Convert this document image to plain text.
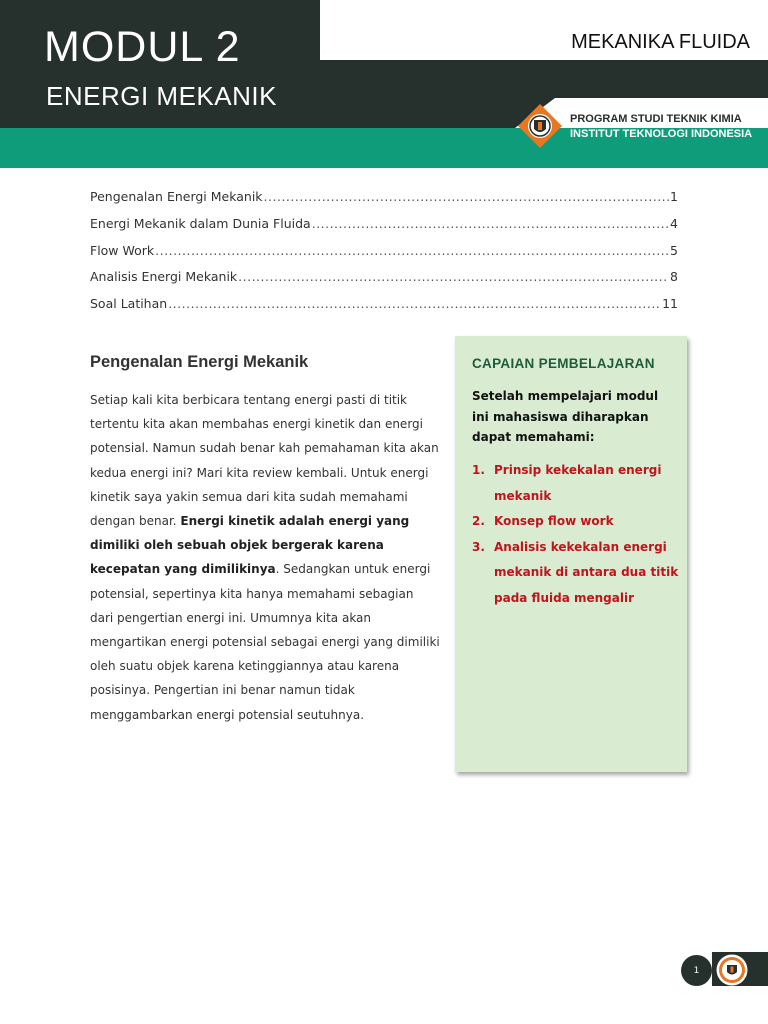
MODUL 2
ENERGI MEKANIK
MEKANIKA FLUIDA
PROGRAM STUDI TEKNIK KIMIA
INSTITUT TEKNOLOGI INDONESIA
Pengenalan Energi Mekanik .....	1
Energi Mekanik dalam Dunia Fluida .....	4
Flow Work .....	5
Analisis Energi Mekanik .....	8
Soal Latihan .....	11
Pengenalan Energi Mekanik

Setiap kali kita berbicara tentang energi pasti di titik tertentu kita akan membahas energi kinetik dan energi potensial. Namun sudah benar kah pemahaman kita akan kedua energi ini? Mari kita review kembali. Untuk energi kinetik saya yakin semua dari kita sudah memahami dengan benar. Energi kinetik adalah energi yang dimiliki oleh sebuah objek bergerak karena kecepatan yang dimilikinya. Sedangkan untuk energi potensial, sepertinya kita hanya memahami sebagian dari pengertian energi ini. Umumnya kita akan mengartikan energi potensial sebagai energi yang dimiliki oleh suatu objek karena ketinggiannya atau karena posisinya. Pengertian ini benar namun tidak menggambarkan energi potensial seutuhnya.

CAPAIAN PEMBELAJARAN
Setelah mempelajari modul ini mahasiswa diharapkan dapat memahami:
1. Prinsip kekekalan energi mekanik
2. Konsep flow work
3. Analisis kekekalan energi mekanik di antara dua titik pada fluida mengalir
1
